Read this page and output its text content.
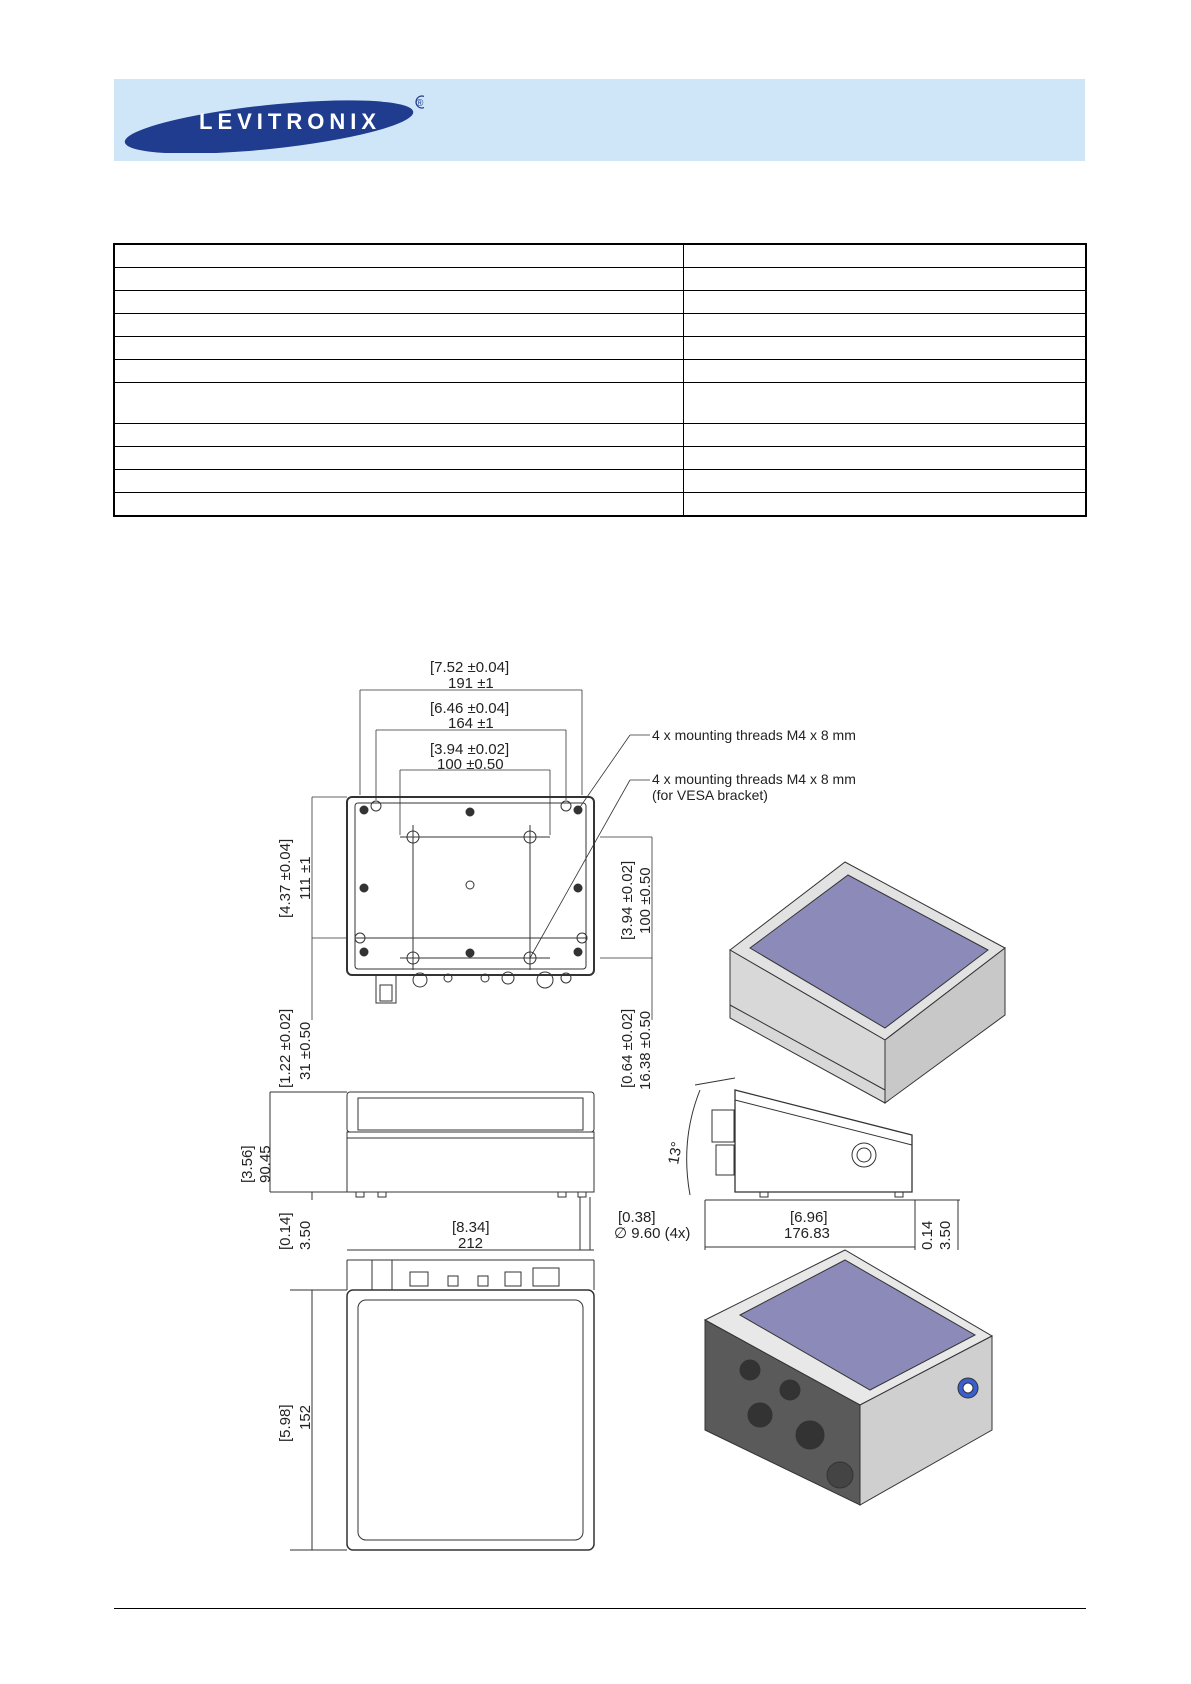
LEVITRONIX
®

[7.52 ±0.04]
191 ±1
[6.46 ±0.04]
164 ±1
[3.94 ±0.02]
100 ±0.50
[4.37 ±0.04] 111 ±1	[3.94 ±0.02] 100 ±0.50
[1.22 ±0.02] 31 ±0.50	[0.64 ±0.02] 16.38 ±0.50
[3.56] 90.45
[0.14] 3.50
[0.38]
∅ 9.60 (4x)
[8.34]
212
[6.96]
176.83	0.14 3.50
13°
[5.98] 152
4 x mounting threads M4 x 8 mm
4 x mounting threads M4 x 8 mm
(for VESA bracket)
